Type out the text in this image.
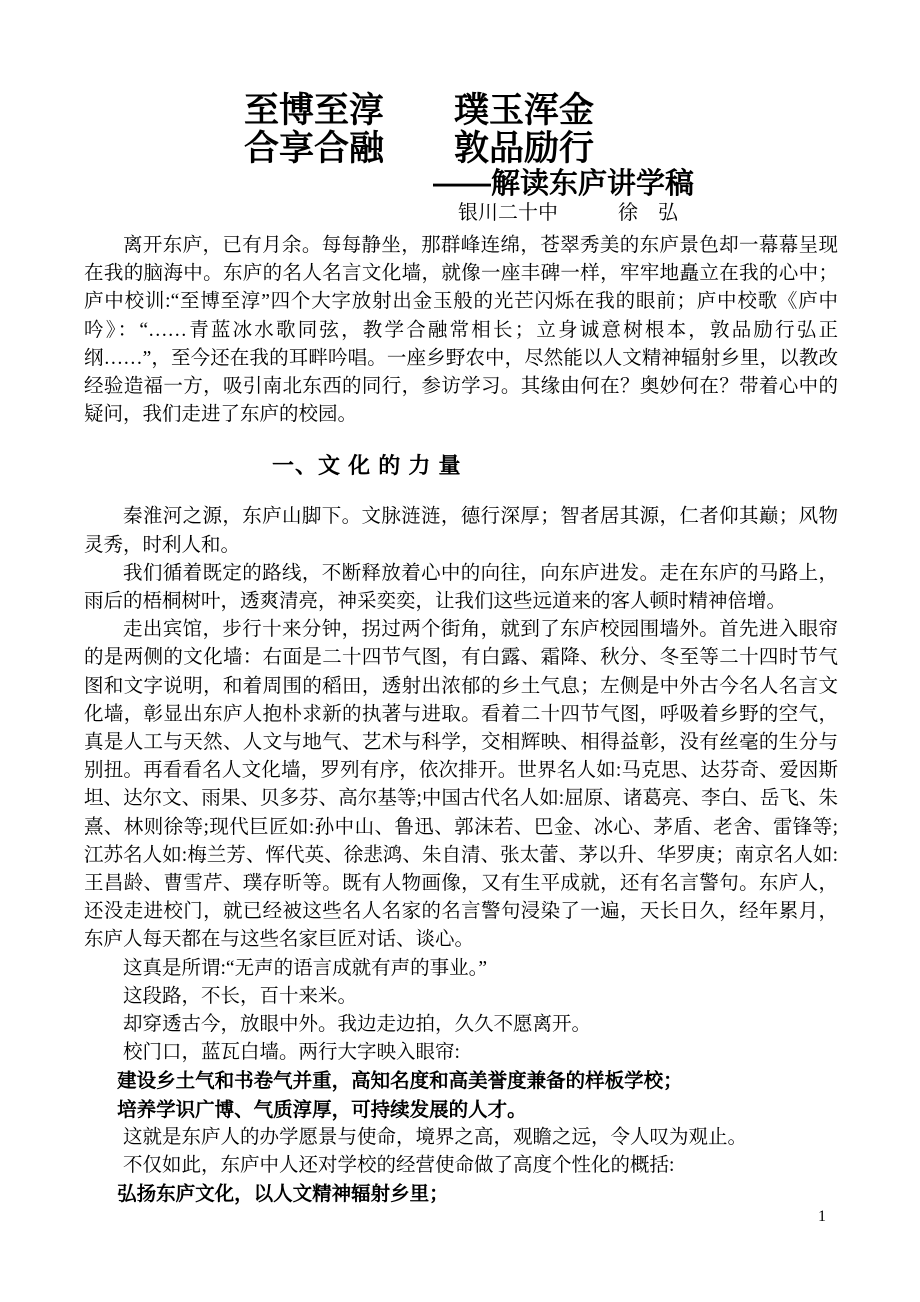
至博至淳　　璞玉浑金
合享合融　　敦品励行
——解读东庐讲学稿
银川二十中　　　徐　弘

离开东庐，已有月余。每每静坐，那群峰连绵，苍翠秀美的东庐景色却一幕幕呈现在我的脑海中。东庐的名人名言文化墙，就像一座丰碑一样，牢牢地矗立在我的心中；庐中校训:“至博至淳”四个大字放射出金玉般的光芒闪烁在我的眼前；庐中校歌《庐中吟》：“……青蓝冰水歌同弦，教学合融常相长；立身诚意树根本，敦品励行弘正纲……”，至今还在我的耳畔吟唱。一座乡野农中，尽然能以人文精神辐射乡里，以教改经验造福一方，吸引南北东西的同行，参访学习。其缘由何在？奥妙何在？带着心中的疑问，我们走进了东庐的校园。

一、文 化 的 力 量

秦淮河之源，东庐山脚下。文脉涟涟，德行深厚；智者居其源，仁者仰其巅；风物灵秀，时利人和。

我们循着既定的路线，不断释放着心中的向往，向东庐进发。走在东庐的马路上，雨后的梧桐树叶，透爽清亮，神采奕奕，让我们这些远道来的客人顿时精神倍增。

走出宾馆，步行十来分钟，拐过两个街角，就到了东庐校园围墙外。首先进入眼帘的是两侧的文化墙：右面是二十四节气图，有白露、霜降、秋分、冬至等二十四时节气图和文字说明，和着周围的稻田，透射出浓郁的乡土气息；左侧是中外古今名人名言文化墙，彰显出东庐人抱朴求新的执著与进取。看着二十四节气图，呼吸着乡野的空气，真是人工与天然、人文与地气、艺术与科学，交相辉映、相得益彰，没有丝毫的生分与别扭。再看看名人文化墙，罗列有序，依次排开。世界名人如:马克思、达芬奇、爱因斯坦、达尔文、雨果、贝多芬、高尔基等;中国古代名人如:屈原、诸葛亮、李白、岳飞、朱熹、林则徐等;现代巨匠如:孙中山、鲁迅、郭沫若、巴金、冰心、茅盾、老舍、雷锋等;江苏名人如:梅兰芳、恽代英、徐悲鸿、朱自清、张太蕾、茅以升、华罗庚；南京名人如:王昌龄、曹雪芹、璞存昕等。既有人物画像，又有生平成就，还有名言警句。东庐人，还没走进校门，就已经被这些名人名家的名言警句浸染了一遍，天长日久，经年累月，东庐人每天都在与这些名家巨匠对话、谈心。

这真是所谓:“无声的语言成就有声的事业。”

这段路，不长，百十来米。

却穿透古今，放眼中外。我边走边拍，久久不愿离开。

校门口，蓝瓦白墙。两行大字映入眼帘:

建设乡土气和书卷气并重，高知名度和高美誉度兼备的样板学校；

培养学识广博、气质淳厚，可持续发展的人才。

这就是东庐人的办学愿景与使命，境界之高，观瞻之远，令人叹为观止。

不仅如此，东庐中人还对学校的经营使命做了高度个性化的概括:

弘扬东庐文化，以人文精神辐射乡里；

1
